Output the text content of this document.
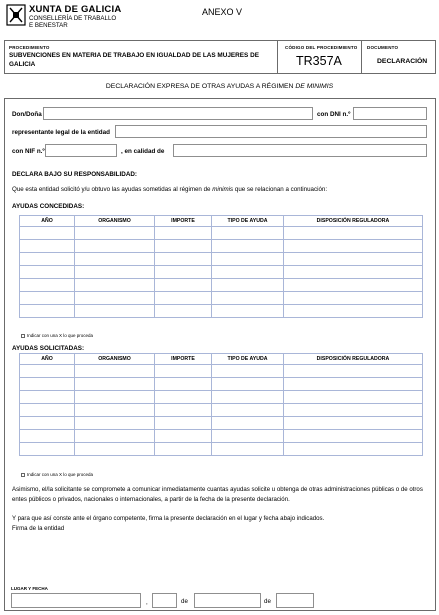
XUNTA DE GALICIA
CONSELLERÍA DE TRABALLO
E BENESTAR
ANEXO V
PROCEDIMIENTO
SUBVENCIONES EN MATERIA DE TRABAJO EN IGUALDAD DE LAS MUJERES DE GALICIA
CÓDIGO DEL PROCEDIMIENTO
TR357A
DOCUMENTO
DECLARACIÓN
DECLARACIÓN EXPRESA DE OTRAS AYUDAS A RÉGIMEN DE MINIMIS
Don/Doña	con DNI n.º
representante legal de la entidad
con NIF n.º	, en calidad de
DECLARA BAJO SU RESPONSABILIDAD:
Que esta entidad solicitó y/u obtuvo las ayudas sometidas al régimen de minimis que se relacionan a continuación:
AYUDAS CONCEDIDAS:
AÑO	ORGANISMO	IMPORTE	TIPO DE AYUDA	DISPOSICIÓN REGULADORA

Indicar con una X lo que proceda
AYUDAS SOLICITADAS:
AÑO	ORGANISMO	IMPORTE	TIPO DE AYUDA	DISPOSICIÓN REGULADORA

Indicar con una X lo que proceda
Asimismo, el/la solicitante se compromete a comunicar inmediatamente cuantas ayudas solicite u obtenga de otras administraciones públicas o de otros entes públicos o privados, nacionales o internacionales, a partir de la fecha de la presente declaración.
Y para que así conste ante el órgano competente, firma la presente declaración en el lugar y fecha abajo indicados.
Firma de la entidad
LUGAR Y FECHA
,	de	de
